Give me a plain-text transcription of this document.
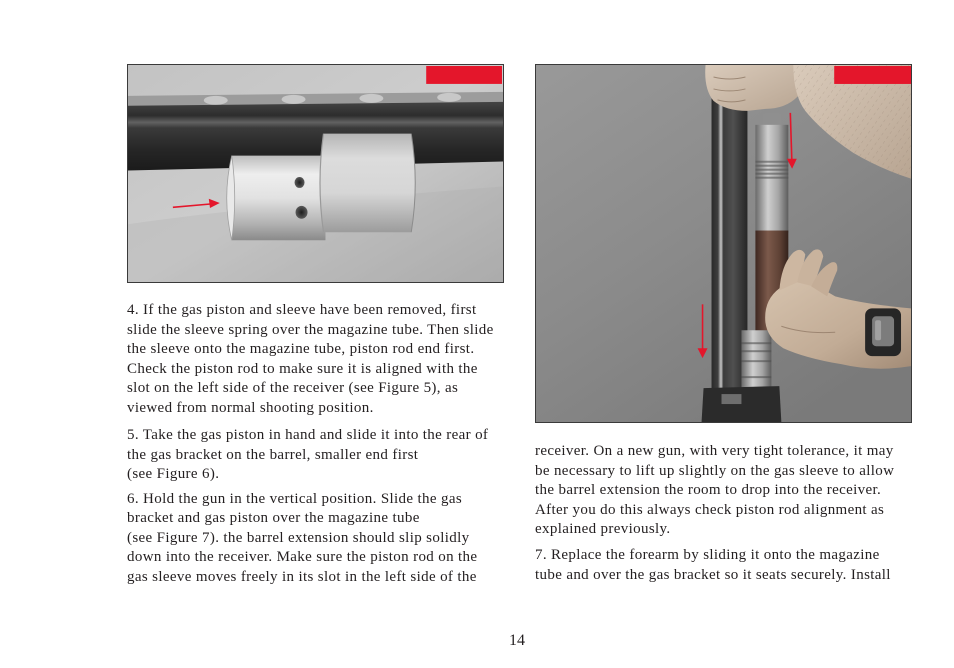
4. If the gas piston and sleeve have been removed, first
slide the sleeve spring over the magazine tube. Then slide
the sleeve onto the magazine tube, piston rod end first.
Check the piston rod to make sure it is aligned with the
slot on the left side of the receiver (see Figure 5), as
viewed from normal shooting position.

5. Take the gas piston in hand and slide it into the rear of
the gas bracket on the barrel, smaller end first
(see Figure 6).

6. Hold the gun in the vertical position. Slide the gas
bracket and gas piston over the magazine tube
(see Figure 7). the barrel extension should slip solidly
down into the receiver. Make sure the piston rod on the
gas sleeve moves freely in its slot in the left side of the

receiver. On a new gun, with very tight tolerance, it may
be necessary to lift up slightly on the gas sleeve to allow
the barrel extension the room to drop into the receiver.
After you do this always check piston rod alignment as
explained previously.

7. Replace the forearm by sliding it onto the magazine
tube and over the gas bracket so it seats securely. Install

14
